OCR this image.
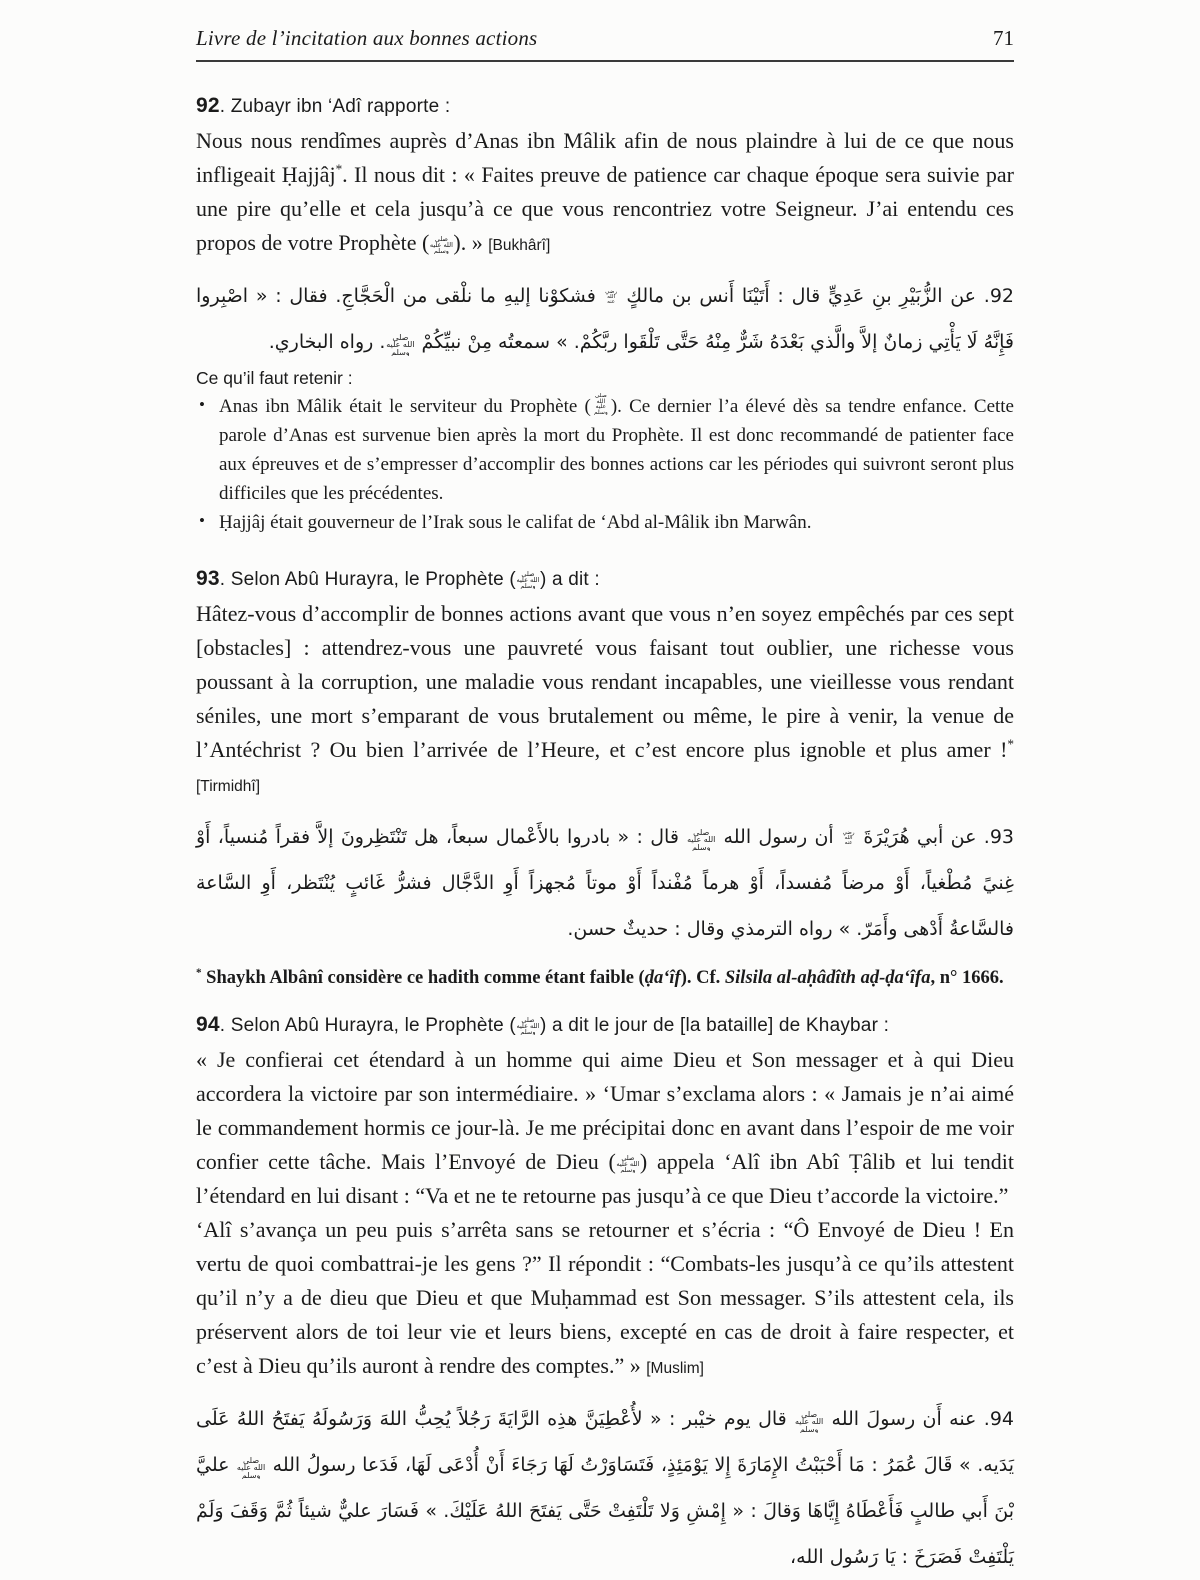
Livre de l’incitation aux bonnes actions	71
92. Zubayr ibn ‘Adî rapporte :

Nous nous rendîmes auprès d’Anas ibn Mâlik afin de nous plaindre à lui de ce que nous infligeait Ḥajjâj*. Il nous dit : « Faites preuve de patience car chaque époque sera suivie par une pire qu’elle et cela jusqu’à ce que vous rencontriez votre Seigneur. J’ai entendu ces propos de votre Prophète ( صلى الله عليه وسلم ). » [Bukhârî]

92. عن الزُّبَيْرِ بنِ عَدِيٍّ قال : أَتَيْنَا أَنس بن مالكٍ رضي الله عنه فشكوْنا إليهِ ما نلْقى من الْحَجَّاجِ. فقال : « اصْبِروا فَإِنَّهُ لَا يَأْتِي زمانٌ إلاَّ والَّذي بَعْدَهُ شَرٌّ مِنْهُ حَتَّى تَلْقَوا ربَّكُمْ. » سمعتُه مِنْ نبيِّكُمْ صلى الله عليه وسلم. رواه البخاري.

Ce qu’il faut retenir :
• Anas ibn Mâlik était le serviteur du Prophète (صلى الله عليه وسلم ). Ce dernier l’a élevé dès sa tendre enfance. Cette parole d’Anas est survenue bien après la mort du Prophète. Il est donc recommandé de patienter face aux épreuves et de s’empresser d’accomplir des bonnes actions car les périodes qui suivront seront plus difficiles que les précédentes.
• Ḥajjâj était gouverneur de l’Irak sous le califat de ‘Abd al-Mâlik ibn Marwân.
93. Selon Abû Hurayra, le Prophète ( صلى الله عليه وسلم ) a dit :

Hâtez-vous d’accomplir de bonnes actions avant que vous n’en soyez empêchés par ces sept [obstacles] : attendrez-vous une pauvreté vous faisant tout oublier, une richesse vous poussant à la corruption, une maladie vous rendant incapables, une vieillesse vous rendant séniles, une mort s’emparant de vous brutalement ou même, le pire à venir, la venue de l’Antéchrist ? Ou bien l’arrivée de l’Heure, et c’est encore plus ignoble et plus amer !* [Tirmidhî]

93. عن أبي هُرَيْرَةَ رضي الله عنه أن رسول الله صلى الله عليه وسلم قال : « بادروا بالأَعْمال سبعاً، هل تَنْتَظِرونَ إلاَّ فقراً مُنسياً، أَوْ غِنيً مُطْغياً، أَوْ مرضاً مُفسداً، أَوْ هرماً مُفْنداً أَوْ موتاً مُجهزاً أَوِ الدَّجَّال فشرُّ غَائبٍ يُنْتَظر، أَوِ السَّاعة فالسَّاعةُ أَدْهى وأَمَرّ. » رواه الترمذي وقال : حديثٌ حسن.

* Shaykh Albânî considère ce hadith comme étant faible (ḍa‘îf). Cf. Silsila al-aḥâdîth aḍ-ḍa‘îfa, n° 1666.

94. Selon Abû Hurayra, le Prophète ( صلى الله عليه وسلم ) a dit le jour de [la bataille] de Khaybar :

« Je confierai cet étendard à un homme qui aime Dieu et Son messager et à qui Dieu accordera la victoire par son intermédiaire. » ‘Umar s’exclama alors : « Jamais je n’ai aimé le commandement hormis ce jour-là. Je me précipitai donc en avant dans l’espoir de me voir confier cette tâche. Mais l’Envoyé de Dieu ( صلى الله عليه وسلم ) appela ‘Alî ibn Abî Ṭâlib et lui tendit l’étendard en lui disant : “Va et ne te retourne pas jusqu’à ce que Dieu t’accorde la victoire.”

‘Alî s’avança un peu puis s’arrêta sans se retourner et s’écria : “Ô Envoyé de Dieu ! En vertu de quoi combattrai-je les gens ?” Il répondit : “Combats-les jusqu’à ce qu’ils attestent qu’il n’y a de dieu que Dieu et que Muḥammad est Son messager. S’ils attestent cela, ils préservent alors de toi leur vie et leurs biens, excepté en cas de droit à faire respecter, et c’est à Dieu qu’ils auront à rendre des comptes.” » [Muslim]

94. عنه أَن رسولَ الله صلى الله عليه وسلم قال يوم خيْبر : « لأُعْطِيَنَّ هذِه الرَّايَةَ رَجُلاً يُحِبُّ اللهَ وَرَسُولَهُ يَفتَحُ اللهُ عَلَى يَدَيه. » قَالَ عُمَرُ : مَا أَحْبَبْتُ الإِمَارَةَ إِلا يَوْمَئِذٍ، فَتَسَاوَرْتُ لَهَا رَجَاءَ أَنْ أُدْعَى لَهَا، فَدَعا رسولُ الله صلى الله عليه وسلم عليَّ بْنَ أَبي طالبٍ فَأَعْطَاهُ إِيَّاهَا وَقالَ : « إِمْشِ وَلا تَلْتَفِتْ حَتَّى يَفتَحَ اللهُ عَلَيْكَ. » فَسَارَ عليٌّ شيئاً ثُمَّ وَقَفَ وَلَمْ يَلْتَفِتْ فَصَرَخَ : يَا رَسُول الله،
